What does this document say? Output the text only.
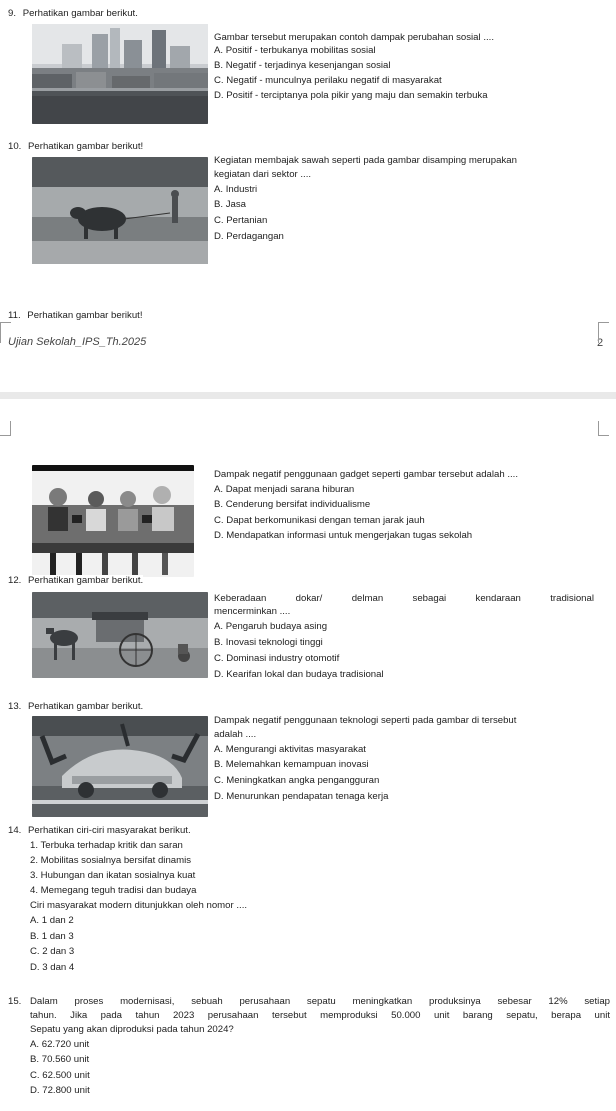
9. Perhatikan gambar berikut.
Gambar tersebut merupakan contoh dampak perubahan sosial ....
A. Positif - terbukanya mobilitas sosial
B. Negatif - terjadinya kesenjangan sosial
C. Negatif - munculnya perilaku negatif di masyarakat
D. Positif - terciptanya pola pikir yang maju dan semakin terbuka
10. Perhatikan gambar berikut!
Kegiatan membajak sawah seperti pada gambar disamping merupakan
kegiatan dari sektor ....
A. Industri
B. Jasa
C. Pertanian
D. Perdagangan
11. Perhatikan gambar berikut!
Ujian Sekolah_IPS_Th.2025	2
Dampak negatif penggunaan gadget seperti gambar tersebut adalah ....
A. Dapat menjadi sarana hiburan
B. Cenderung bersifat individualisme
C. Dapat berkomunikasi dengan teman jarak jauh
D. Mendapatkan informasi untuk mengerjakan tugas sekolah
12. Perhatikan gambar berikut.
Keberadaan dokar/ delman sebagai kendaraan tradisional
mencerminkan ....
A. Pengaruh budaya asing
B. Inovasi teknologi tinggi
C. Dominasi industry otomotif
D. Kearifan lokal dan budaya tradisional
13. Perhatikan gambar berikut.
Dampak negatif penggunaan teknologi seperti pada gambar di tersebut
adalah ....
A. Mengurangi aktivitas masyarakat
B. Melemahkan kemampuan inovasi
C. Meningkatkan angka pengangguran
D. Menurunkan pendapatan tenaga kerja
14. Perhatikan ciri-ciri masyarakat berikut.
1. Terbuka terhadap kritik dan saran
2. Mobilitas sosialnya bersifat dinamis
3. Hubungan dan ikatan sosialnya kuat
4. Memegang teguh tradisi dan budaya
Ciri masyarakat modern ditunjukkan oleh nomor ....
A. 1 dan 2
B. 1 dan 3
C. 2 dan 3
D. 3 dan 4
15. Dalam proses modernisasi, sebuah perusahaan sepatu meningkatkan produksinya sebesar 12% setiap
tahun. Jika pada tahun 2023 perusahaan tersebut memproduksi 50.000 unit barang sepatu, berapa unit
Sepatu yang akan diproduksi pada tahun 2024?
A. 62.720 unit
B. 70.560 unit
C. 62.500 unit
D. 72.800 unit
